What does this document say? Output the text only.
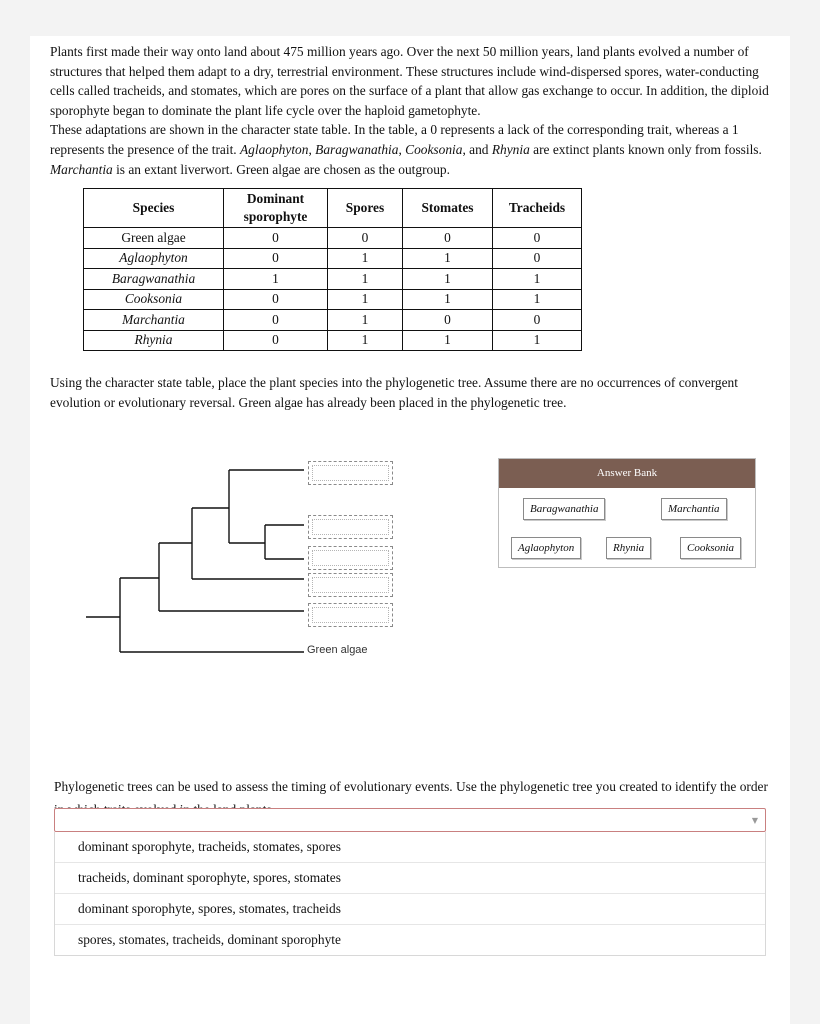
Plants first made their way onto land about 475 million years ago. Over the next 50 million years, land plants evolved a number of structures that helped them adapt to a dry, terrestrial environment. These structures include wind-dispersed spores, water-conducting cells called tracheids, and stomates, which are pores on the surface of a plant that allow gas exchange to occur. In addition, the diploid sporophyte began to dominate the plant life cycle over the haploid gametophyte.

These adaptations are shown in the character state table. In the table, a 0 represents a lack of the corresponding trait, whereas a 1 represents the presence of the trait. Aglaophyton, Baragwanathia, Cooksonia, and Rhynia are extinct plants known only from fossils. Marchantia is an extant liverwort. Green algae are chosen as the outgroup.

Species	Dominant sporophyte	Spores	Stomates	Tracheids
Green algae	0	0	0	0
Aglaophyton	0	1	1	0
Baragwanathia	1	1	1	1
Cooksonia	0	1	1	1
Marchantia	0	1	0	0
Rhynia	0	1	1	1

Using the character state table, place the plant species into the phylogenetic tree. Assume there are no occurrences of convergent evolution or evolutionary reversal. Green algae has already been placed in the phylogenetic tree.

Green algae
Answer Bank
Baragwanathia	Marchantia
Aglaophyton	Rhynia	Cooksonia

Phylogenetic trees can be used to assess the timing of evolutionary events. Use the phylogenetic tree you created to identify the order

▼
dominant sporophyte, tracheids, stomates, spores
tracheids, dominant sporophyte, spores, stomates
dominant sporophyte, spores, stomates, tracheids
spores, stomates, tracheids, dominant sporophyte
